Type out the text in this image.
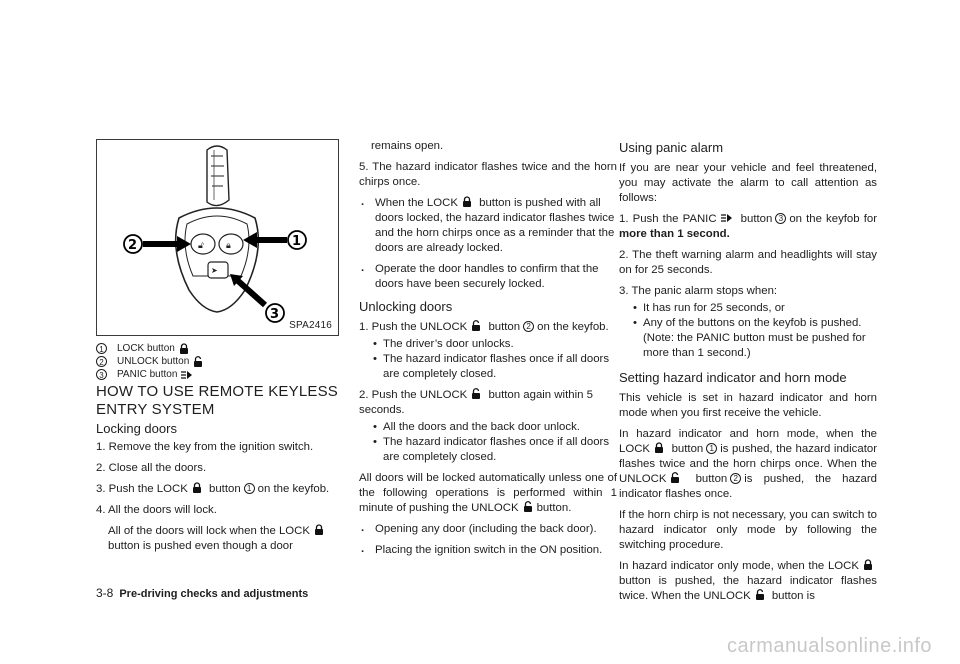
🔓︎ 🔒︎
➤
2	1
3
SPA2416
1	LOCK button
2	UNLOCK button
3	PANIC button
HOW TO USE REMOTE KEYLESS ENTRY SYSTEM
Locking doors
1. Remove the key from the ignition switch.
2. Close all the doors.
3. Push the LOCK button 1 on the keyfob.
4. All the doors will lock.
All of the doors will lock when the LOCK button is pushed even though a door

remains open.

5. The hazard indicator flashes twice and the horn chirps once.

. When the LOCK button is pushed with all doors locked, the hazard indicator flashes twice and the horn chirps once as a reminder that the doors are already locked.
. Operate the door handles to confirm that the doors have been securely locked.
Unlocking doors
1. Push the UNLOCK button 2 on the keyfob.
• The driver’s door unlocks.
• The hazard indicator flashes once if all doors are completely closed.
2. Push the UNLOCK button again within 5 seconds.
• All the doors and the back door unlock.
• The hazard indicator flashes once if all doors are completely closed.

All doors will be locked automatically unless one of the following operations is performed within 1 minute of pushing the UNLOCK button.

. Opening any door (including the back door).
. Placing the ignition switch in the ON position.
Using panic alarm

If you are near your vehicle and feel threatened, you may activate the alarm to call attention as follows:

1. Push the PANIC button 3 on the keyfob for more than 1 second.

2. The theft warning alarm and headlights will stay on for 25 seconds.

3. The panic alarm stops when:
• It has run for 25 seconds, or
• Any of the buttons on the keyfob is pushed. (Note: the PANIC button must be pushed for more than 1 second.)
Setting hazard indicator and horn mode

This vehicle is set in hazard indicator and horn mode when you first receive the vehicle.

In hazard indicator and horn mode, when the LOCK button 1 is pushed, the hazard indicator flashes twice and the horn chirps once. When the UNLOCK	button 2 is pushed, the hazard indicator flashes once.

If the horn chirp is not necessary, you can switch to hazard indicator only mode by following the switching procedure.

In hazard indicator only mode, when the LOCK button is pushed, the hazard indicator flashes twice. When the UNLOCK button is

3-8 Pre-driving checks and adjustments
carmanualsonline.info
